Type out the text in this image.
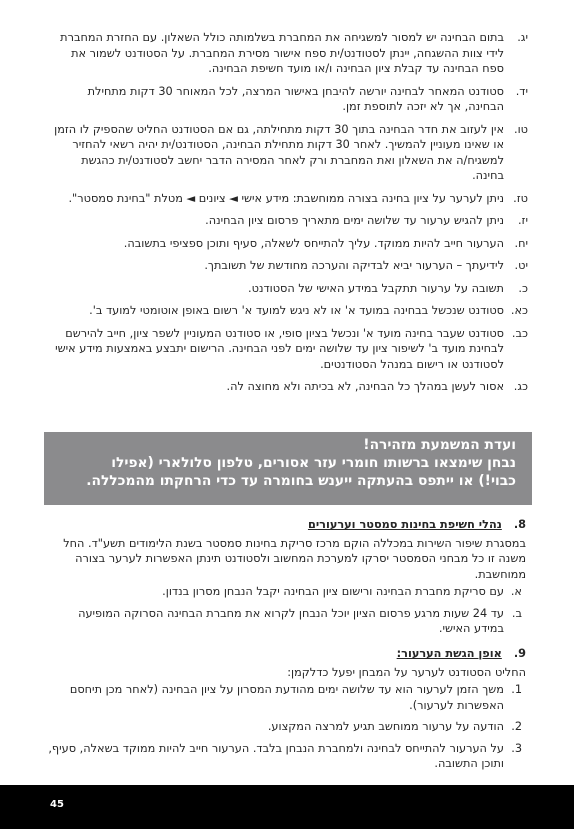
יג.
בתום הבחינה יש למסור למשגיחה את המחברת בשלמותה כולל השאלון. עם החזרת המחברת לידי צוות ההשגחה, יינתן לסטודנט/ית ספח אישור מסירת המחברת. על הסטודנט לשמור את ספח הבחינה עד קבלת ציון הבחינה ו/או מועד חשיפת הבחינה.
יד.
סטודנט המאחר לבחינה יורשה להיבחן באישור המרצה, לכל המאוחר 30 דקות מתחילת הבחינה, אך לא יזכה לתוספת זמן.
טו.
אין לעזוב את חדר הבחינה בתוך 30 דקות מתחילתה, גם אם הסטודנט החליט שהספיק לו הזמן או שאינו מעוניין להמשיך. לאחר 30 דקות מתחילת הבחינה, הסטודנט/ית יהיה רשאי להחזיר למשגיח/ה את השאלון ואת המחברת ורק לאחר המסירה הדבר יחשב לסטודנט/ית כהגשת בחינה.
טז.
ניתן לערער על ציון בחינה בצורה ממוחשבת: מידע אישי ◄ ציונים ◄ מטלת "בחינת סמסטר".
יז.
ניתן להגיש ערעור עד שלושה ימים מתאריך פרסום ציון הבחינה.
יח.
הערעור חייב להיות ממוקד. עליך להתייחס לשאלה, סעיף ותוכן ספציפי בתשובה.
יט.
לידיעתך – הערעור יביא לבדיקה והערכה מחודשת של תשובתך.
כ.
תשובה על ערעור תתקבל במידע האישי של הסטודנט.
כא.
סטודנט שנכשל בבחינה במועד א' או לא ניגש למועד א' רשום באופן אוטומטי למועד ב'.
כב.
סטודנט שעבר בחינה מועד א' ונכשל בציון סופי, או סטודנט המעוניין לשפר ציון, חייב להירשם לבחינת מועד ב' לשיפור ציון עד שלושה ימים לפני הבחינה. הרישום יתבצע באמצעות מידע אישי לסטודנט או רישום במנהל הסטודנטים.
כג.
אסור לעשן במהלך כל הבחינה, לא בכיתה ולא מחוצה לה.
ועדת המשמעת מזהירה!
נבחן שימצאו ברשותו חומרי עזר אסורים, טלפון סלולארי (אפילו
כבוי!) או ייתפס בהעתקה ייענש בחומרה עד כדי הרחקתו מהמכללה.
8.
נהלי חשיפת בחינות סמסטר וערעורים
במסגרת שיפור השירות במכללה הוקם מרכז סריקת בחינות סמסטר בשנת הלימודים תשע"ד. החל משנה זו כל מבחני הסמסטר יסרקו למערכת המחשוב ולסטודנט תינתן האפשרות לערער בצורה ממוחשבת.
א.
עם סריקת מחברת הבחינה ורישום ציון הבחינה יקבל הנבחן מסרון בנדון.
ב.
עד 24 שעות מרגע פרסום הציון יוכל הנבחן לקרוא את מחברת הבחינה הסרוקה המופיעה במידע האישי.
9.
אופן הגשת הערעור:
החליט הסטודנט לערער על המבחן יפעל כדלקמן:
1.
משך הזמן לערעור הוא עד שלושה ימים מהודעת המסרון על ציון הבחינה (לאחר מכן תיחסם האפשרות לערעור).
2.
הודעה על ערעור ממוחשב תגיע למרצה המקצוע.
3.
על הערעור להתייחס לבחינה ולמחברת הנבחן בלבד. הערעור חייב להיות ממוקד בשאלה, סעיף, ותוכן התשובה.
45
